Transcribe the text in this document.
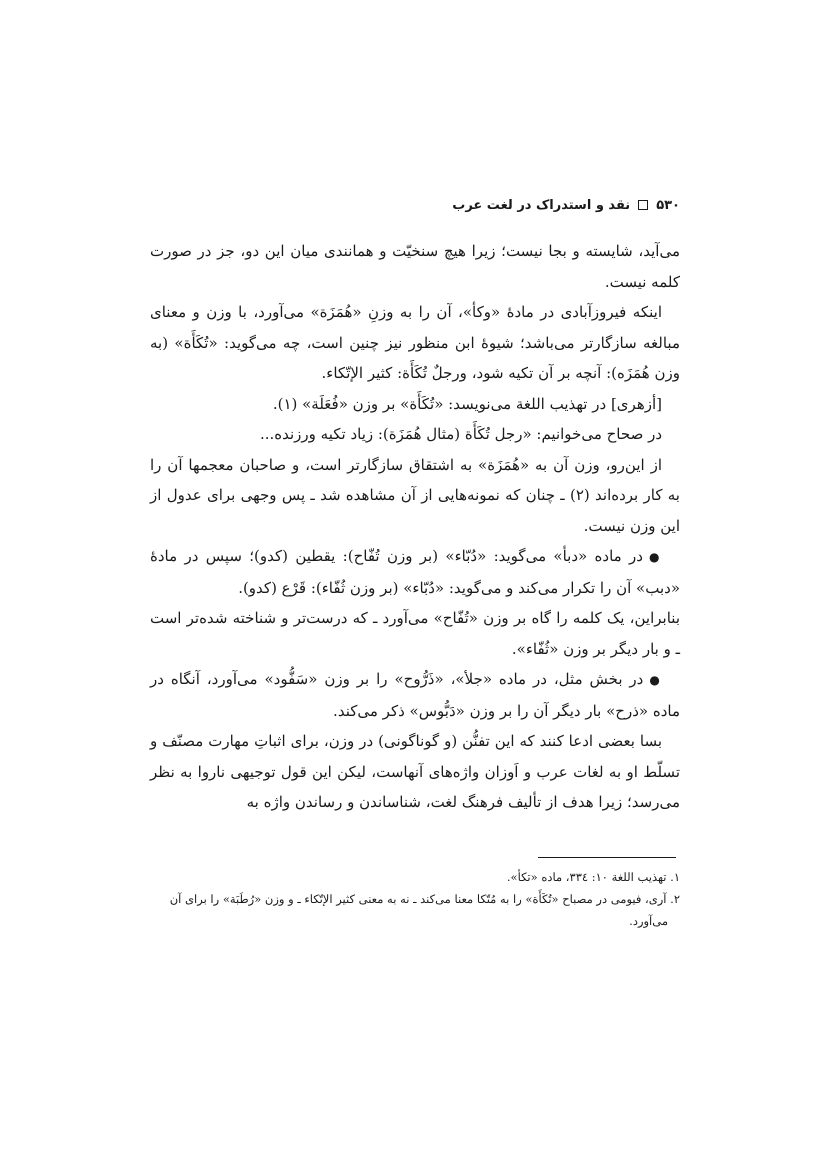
۵۳۰
نقد و استدراک در لغت عرب

می‌آید، شایسته و بجا نیست؛ زیرا هیچ سنخیّت و همانندی میان این دو، جز در صورت کلمه نیست.

اینکه فیروزآبادی در مادهٔ «وکأ»، آن را به وزنِ «هُمَزَة» می‌آورد، با وزن و معنای مبالغه سازگارتر می‌باشد؛ شیوهٔ ابن منظور نیز چنین است، چه می‌گوید: «تُكَأَة» (به وزن هُمَزَه): آنچه بر آن تکیه شود، ورجلٌ تُكَأَة: كثير الإتّكاء.

[أزهری] در تهذیب اللغة می‌نویسد: «تُكَأَة» بر وزن «فُعَلَة» (۱).

در صحاح می‌خوانیم: «رجل تُكَأَة (مثال هُمَزَة): زیاد تکیه ورزنده...

از این‌رو، وزن آن به «هُمَزَة» به اشتقاق سازگارتر است، و صاحبان معجمها آن را به کار برده‌اند (۲) ـ چنان که نمونه‌هایی از آن مشاهده شد ـ پس وجهی برای عدول از این وزن نیست.

● در ماده «دبأ» می‌گوید: «دُبّاء» (بر وزن تُفّاح): يقطين (کدو)؛ سپس در مادهٔ «دبب» آن را تکرار می‌کند و می‌گوید: «دُبّاء» (بر وزن ثُفّاء): قَرْع (کدو).

بنابراین، یک کلمه را گاه بر وزن «تُفّاح» می‌آورد ـ که درست‌تر و شناخته شده‌تر است ـ و بار دیگر بر وزن «ثُفّاء».

● در بخش مثل، در ماده «جلأ»، «ذَرُّوح» را بر وزن «سَفُّود» می‌آورد، آنگاه در ماده «ذرح» بار دیگر آن را بر وزن «دَبُّوس» ذکر می‌کند.

بسا بعضی ادعا کنند که این تفنُّن (و گوناگونی) در وزن، برای اثباتِ مهارت مصنّف و تسلّط او به لغات عرب و اَوزان واژه‌های آنهاست، لیکن این قول توجیهی ناروا به نظر می‌رسد؛ زیرا هدف از تألیف فرهنگ لغت، شناساندن و رساندن واژه به

۱. تهذیب اللغة ۱۰: ۳۳٤، ماده «تكأ».

۲. آری، فیومی در مصباح «تُكَأَة» را به مُتّكا معنا می‌کند ـ نه به معنی كثير الإتّكاء ـ و وزن «رُطَبَة» را برای آن می‌آورد.
